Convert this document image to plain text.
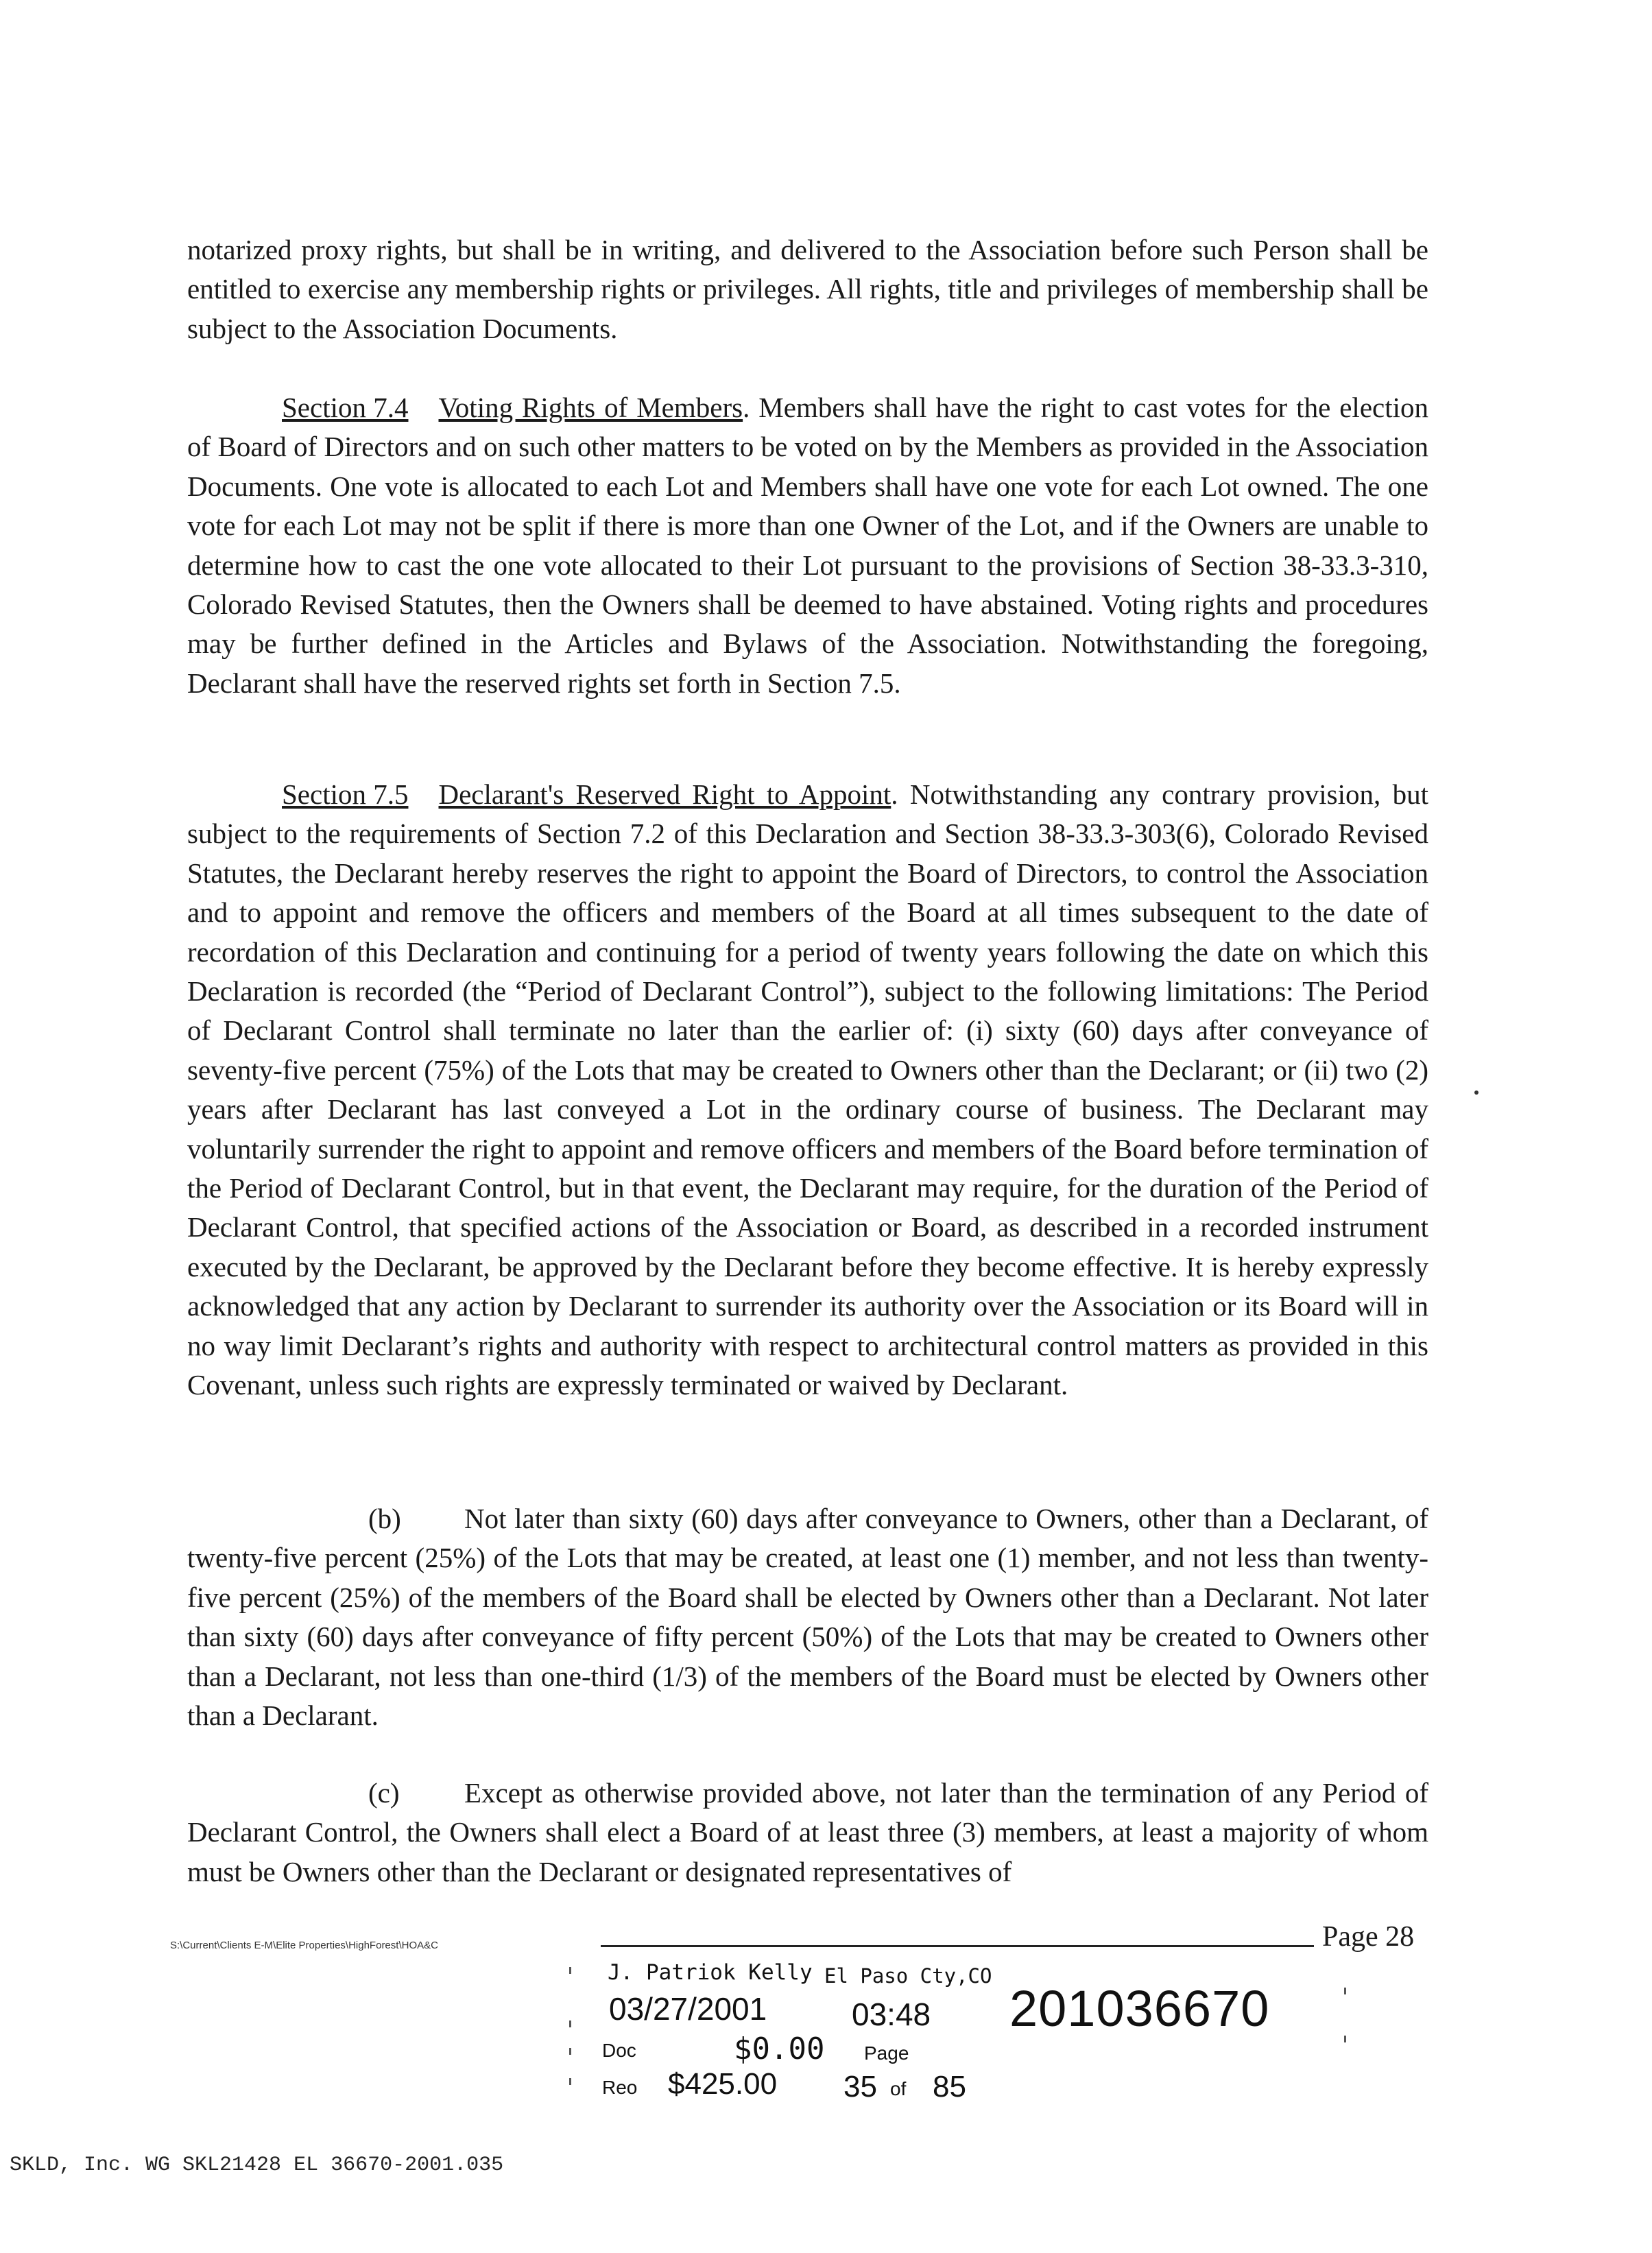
notarized proxy rights, but shall be in writing, and delivered to the Association before such Person shall be entitled to exercise any membership rights or privileges. All rights, title and privileges of membership shall be subject to the Association Documents.

Section 7.4 Voting Rights of Members. Members shall have the right to cast votes for the election of Board of Directors and on such other matters to be voted on by the Members as provided in the Association Documents. One vote is allocated to each Lot and Members shall have one vote for each Lot owned. The one vote for each Lot may not be split if there is more than one Owner of the Lot, and if the Owners are unable to determine how to cast the one vote allocated to their Lot pursuant to the provisions of Section 38-33.3-310, Colorado Revised Statutes, then the Owners shall be deemed to have abstained. Voting rights and procedures may be further defined in the Articles and Bylaws of the Association. Notwithstanding the foregoing, Declarant shall have the reserved rights set forth in Section 7.5.

Section 7.5 Declarant's Reserved Right to Appoint. Notwithstanding any contrary provision, but subject to the requirements of Section 7.2 of this Declaration and Section 38-33.3-303(6), Colorado Revised Statutes, the Declarant hereby reserves the right to appoint the Board of Directors, to control the Association and to appoint and remove the officers and members of the Board at all times subsequent to the date of recordation of this Declaration and continuing for a period of twenty years following the date on which this Declaration is recorded (the “Period of Declarant Control”), subject to the following limitations: The Period of Declarant Control shall terminate no later than the earlier of: (i) sixty (60) days after conveyance of seventy-five percent (75%) of the Lots that may be created to Owners other than the Declarant; or (ii) two (2) years after Declarant has last conveyed a Lot in the ordinary course of business. The Declarant may voluntarily surrender the right to appoint and remove officers and members of the Board before termination of the Period of Declarant Control, but in that event, the Declarant may require, for the duration of the Period of Declarant Control, that specified actions of the Association or Board, as described in a recorded instrument executed by the Declarant, be approved by the Declarant before they become effective. It is hereby expressly acknowledged that any action by Declarant to surrender its authority over the Association or its Board will in no way limit Declarant’s rights and authority with respect to architectural control matters as provided in this Covenant, unless such rights are expressly terminated or waived by Declarant.

(b) Not later than sixty (60) days after conveyance to Owners, other than a Declarant, of twenty-five percent (25%) of the Lots that may be created, at least one (1) member, and not less than twenty-five percent (25%) of the members of the Board shall be elected by Owners other than a Declarant. Not later than sixty (60) days after conveyance of fifty percent (50%) of the Lots that may be created to Owners other than a Declarant, not less than one-third (1/3) of the members of the Board must be elected by Owners other than a Declarant.

(c) Except as otherwise provided above, not later than the termination of any Period of Declarant Control, the Owners shall elect a Board of at least three (3) members, at least a majority of whom must be Owners other than the Declarant or designated representatives of

S:\Current\Clients E-M\Elite Properties\HighForest\HOA&C	Page 28
J. Patriok Kelly El Paso Cty,CO
03/27/2001	03:48 201036670
Doc	$0.00 Page
Reo $425.00 35 of 85
SKLD, Inc. WG SKL21428 EL 36670-2001.035
